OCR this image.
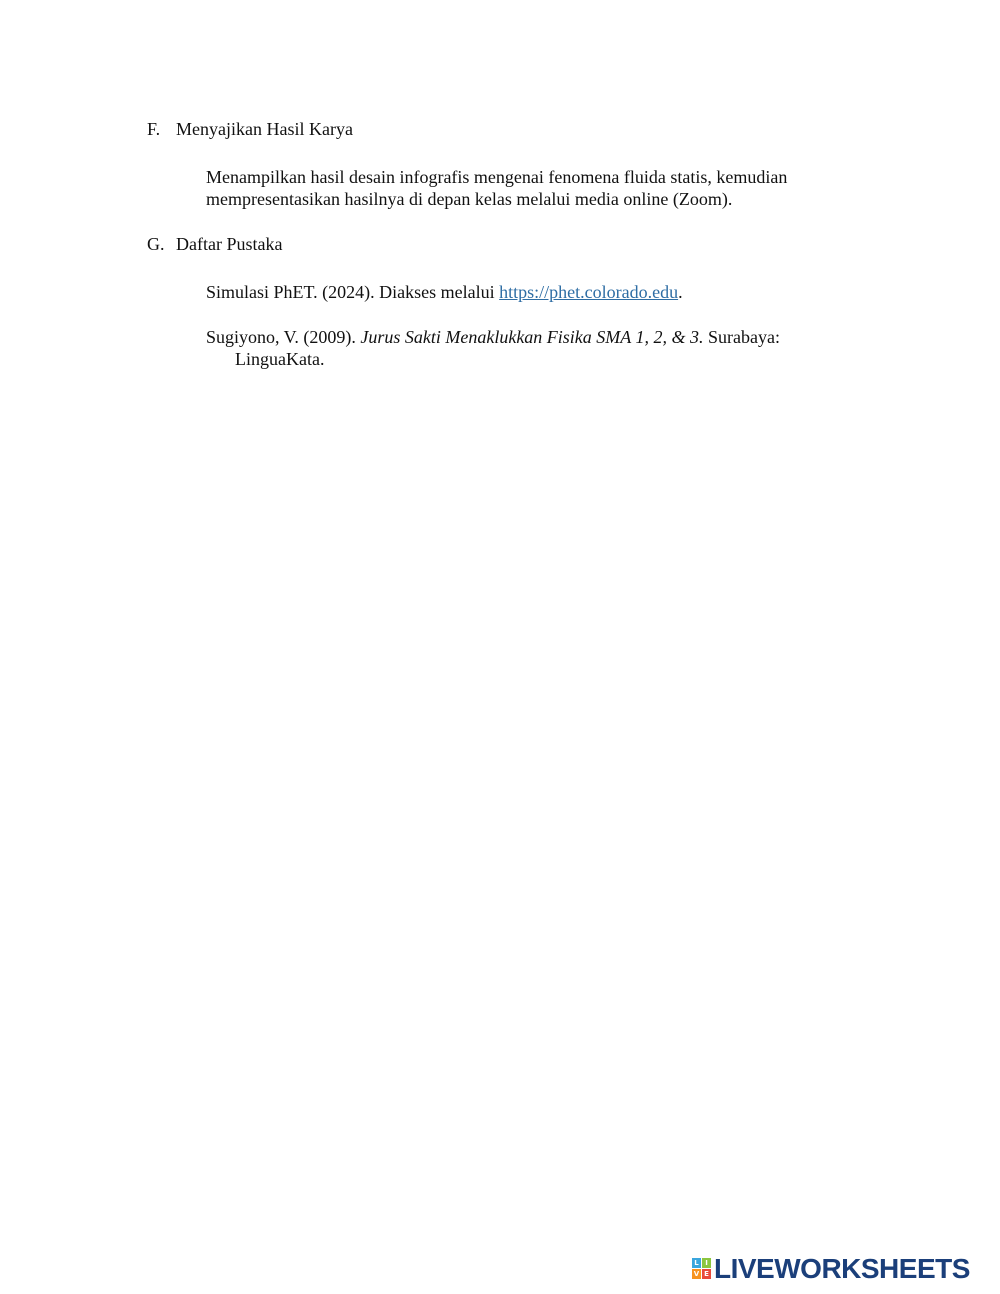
F. Menyajikan Hasil Karya
Menampilkan hasil desain infografis mengenai fenomena fluida statis, kemudian mempresentasikan hasilnya di depan kelas melalui media online (Zoom).
G. Daftar Pustaka
Simulasi PhET. (2024). Diakses melalui https://phet.colorado.edu.
Sugiyono, V. (2009). Jurus Sakti Menaklukkan Fisika SMA 1, 2, & 3. Surabaya: LinguaKata.
L I
V E LIVEWORKSHEETS
